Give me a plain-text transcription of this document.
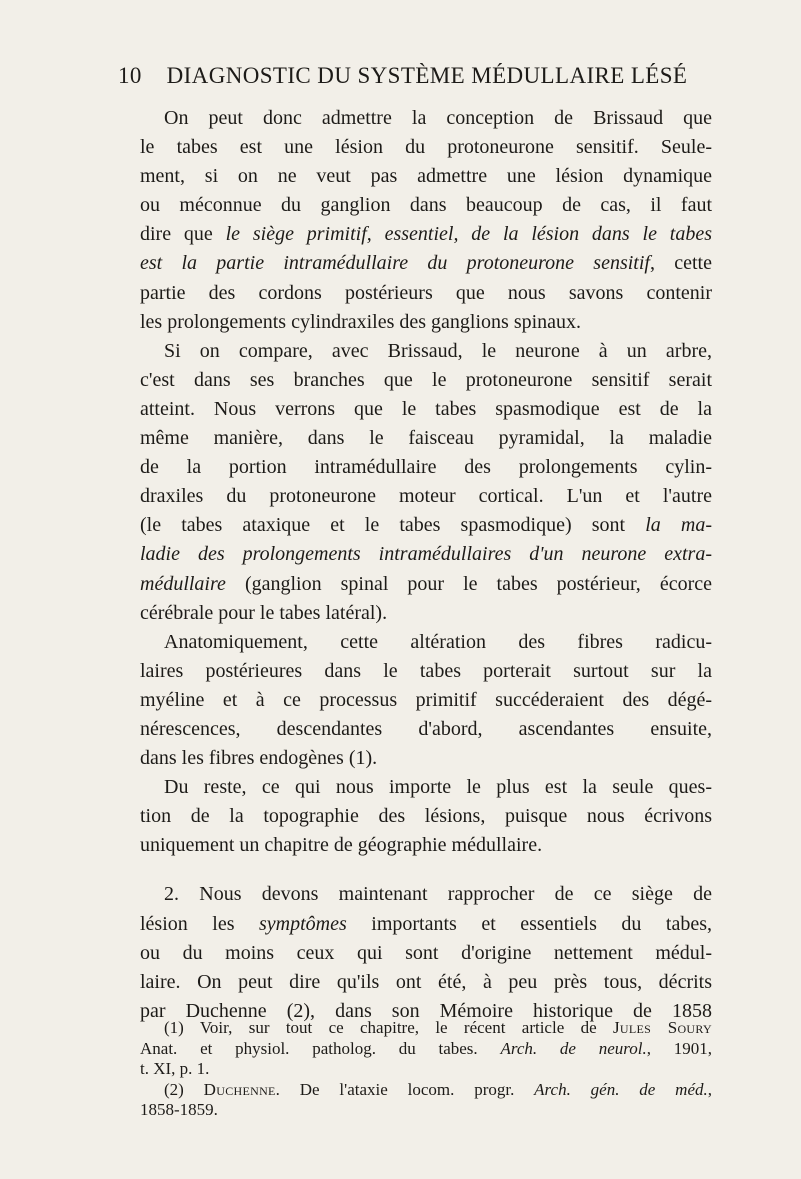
10	DIAGNOSTIC DU SYSTÈME MÉDULLAIRE LÉSÉ
On peut donc admettre la conception de Brissaud que
le tabes est une lésion du protoneurone sensitif. Seule-
ment, si on ne veut pas admettre une lésion dynamique
ou méconnue du ganglion dans beaucoup de cas, il faut
dire que le siège primitif, essentiel, de la lésion dans le tabes
est la partie intramédullaire du protoneurone sensitif, cette
partie des cordons postérieurs que nous savons contenir
les prolongements cylindraxiles des ganglions spinaux.
Si on compare, avec Brissaud, le neurone à un arbre,
c'est dans ses branches que le protoneurone sensitif serait
atteint. Nous verrons que le tabes spasmodique est de la
même manière, dans le faisceau pyramidal, la maladie
de la portion intramédullaire des prolongements cylin-
draxiles du protoneurone moteur cortical. L'un et l'autre
(le tabes ataxique et le tabes spasmodique) sont la ma-
ladie des prolongements intramédullaires d'un neurone extra-
médullaire (ganglion spinal pour le tabes postérieur, écorce
cérébrale pour le tabes latéral).
Anatomiquement, cette altération des fibres radicu-
laires postérieures dans le tabes porterait surtout sur la
myéline et à ce processus primitif succéderaient des dégé-
nérescences, descendantes d'abord, ascendantes ensuite,
dans les fibres endogènes (1).
Du reste, ce qui nous importe le plus est la seule ques-
tion de la topographie des lésions, puisque nous écrivons
uniquement un chapitre de géographie médullaire.
2. Nous devons maintenant rapprocher de ce siège de
lésion les symptômes importants et essentiels du tabes,
ou du moins ceux qui sont d'origine nettement médul-
laire. On peut dire qu'ils ont été, à peu près tous, décrits
par Duchenne (2), dans son Mémoire historique de 1858
(1) Voir, sur tout ce chapitre, le récent article de Jules Soury
Anat. et physiol. patholog. du tabes. Arch. de neurol., 1901,
t. XI, p. 1.
(2) Duchenne. De l'ataxie locom. progr. Arch. gén. de méd.,
1858-1859.
